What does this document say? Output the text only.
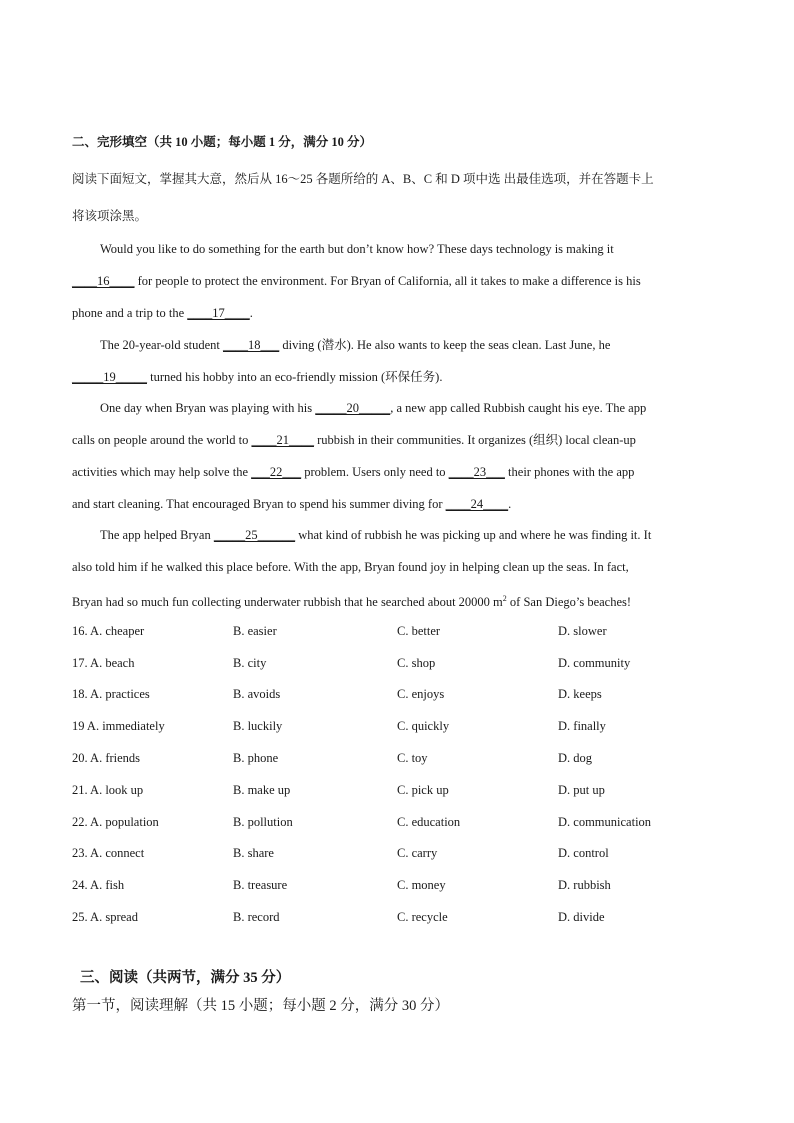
二、完形填空（共 10 小题；每小题 1 分，满分 10 分）
阅读下面短文，掌握其大意，然后从 16～25 各题所给的 A、B、C 和 D 项中选 出最佳选项，并在答题卡上
将该项涂黑。
Would you like to do something for the earth but don’t know how? These days technology is making it
____16____ for people to protect the environment. For Bryan of California, all it takes to make a difference is his
phone and a trip to the ____17____.
The 20-year-old student ____18___ diving (潜水). He also wants to keep the seas clean. Last June, he
_____19_____ turned his hobby into an eco-friendly mission (环保任务).
One day when Bryan was playing with his _____20_____, a new app called Rubbish caught his eye. The app
calls on people around the world to ____21____ rubbish in their communities. It organizes (组织) local clean-up
activities which may help solve the ___22___ problem. Users only need to ____23___ their phones with the app
and start cleaning. That encouraged Bryan to spend his summer diving for ____24____.
The app helped Bryan _____25______ what kind of rubbish he was picking up and where he was finding it. It
also told him if he walked this place before. With the app, Bryan found joy in helping clean up the seas. In fact,
Bryan had so much fun collecting underwater rubbish that he searched about 20000 $m^2$ of San Diego’s beaches!
16. A. cheaper	B. easier	C. better	D. slower
17. A. beach	B. city	C. shop	D. community
18. A. practices	B. avoids	C. enjoys	D. keeps
19 A. immediately	B. luckily	C. quickly	D. finally
20. A. friends	B. phone	C. toy	D. dog
21. A. look up	B. make up	C. pick up	D. put up
22. A. population	B. pollution	C. education	D. communication
23. A. connect	B. share	C. carry	D. control
24. A. fish	B. treasure	C. money	D. rubbish
25. A. spread	B. record	C. recycle	D. divide
三、阅读（共两节，满分 35 分）
第一节，阅读理解（共 15 小题；每小题 2 分，满分 30 分）
